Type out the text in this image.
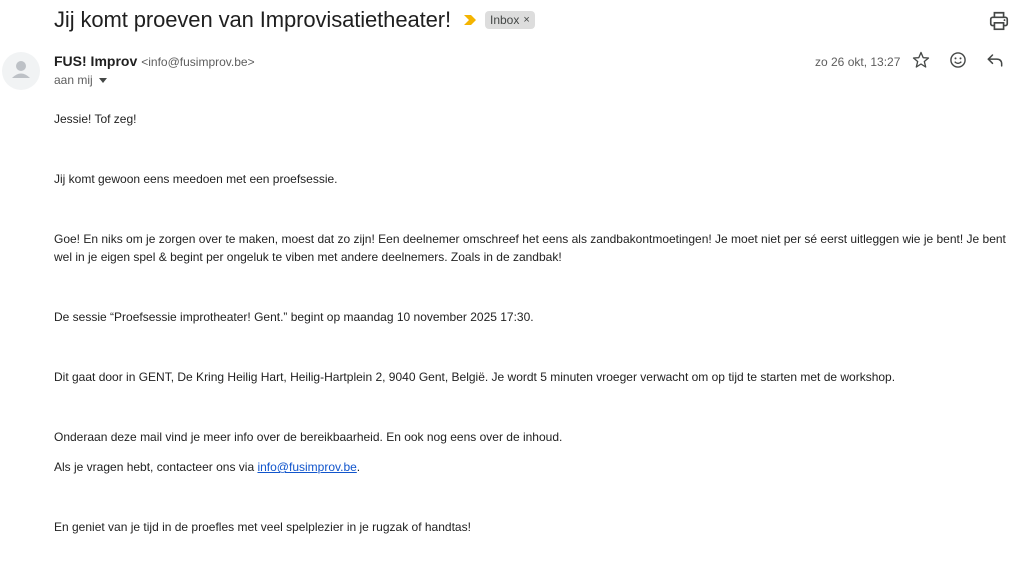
Jij komt proeven van Improvisatietheater!	Inbox ×
FUS! Improv <info@fusimprov.be>
aan mij
zo 26 okt, 13:27
Jessie! Tof zeg!
Jij komt gewoon eens meedoen met een proefsessie.
Goe! En niks om je zorgen over te maken, moest dat zo zijn! Een deelnemer omschreef het eens als zandbakontmoetingen! Je moet niet per sé eerst uitleggen wie je bent! Je bent
wel in je eigen spel & begint per ongeluk te viben met andere deelnemers. Zoals in de zandbak!
De sessie “Proefsessie improtheater! Gent.” begint op maandag 10 november 2025 17:30.
Dit gaat door in GENT, De Kring Heilig Hart, Heilig-Hartplein 2, 9040 Gent, België. Je wordt 5 minuten vroeger verwacht om op tijd te starten met de workshop.
Onderaan deze mail vind je meer info over de bereikbaarheid. En ook nog eens over de inhoud.
Als je vragen hebt, contacteer ons via info@fusimprov.be.
En geniet van je tijd in de proefles met veel spelplezier in je rugzak of handtas!
